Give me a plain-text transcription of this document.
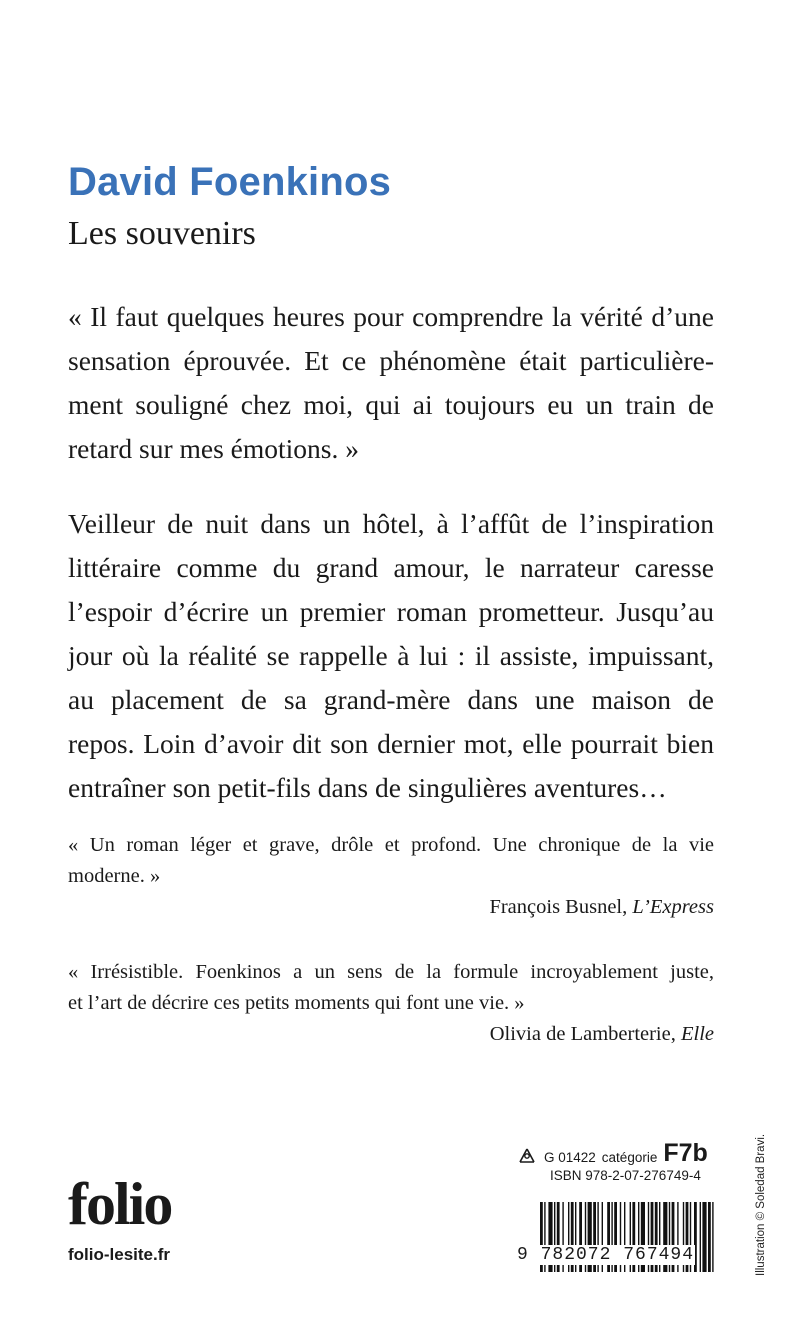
David Foenkinos
Les souvenirs
« Il faut quelques heures pour comprendre la vérité d’une
sensation éprouvée. Et ce phénomène était particulière-
ment souligné chez moi, qui ai toujours eu un train de
retard sur mes émotions. »
Veilleur de nuit dans un hôtel, à l’affût de l’inspiration
littéraire comme du grand amour, le narrateur caresse
l’espoir d’écrire un premier roman prometteur. Jusqu’au
jour où la réalité se rappelle à lui : il assiste, impuissant,
au placement de sa grand-mère dans une maison de
repos. Loin d’avoir dit son dernier mot, elle pourrait bien
entraîner son petit-fils dans de singulières aventures…
« Un roman léger et grave, drôle et profond. Une chronique de la vie
moderne. »
François Busnel, L’Express
« Irrésistible. Foenkinos a un sens de la formule incroyablement juste,
et l’art de décrire ces petits moments qui font une vie. »
Olivia de Lamberterie, Elle
Illustration © Soledad Bravi.
folio
folio-lesite.fr
G 01422 catégorie F7b
ISBN 978-2-07-276749-4
9 782072 767494
